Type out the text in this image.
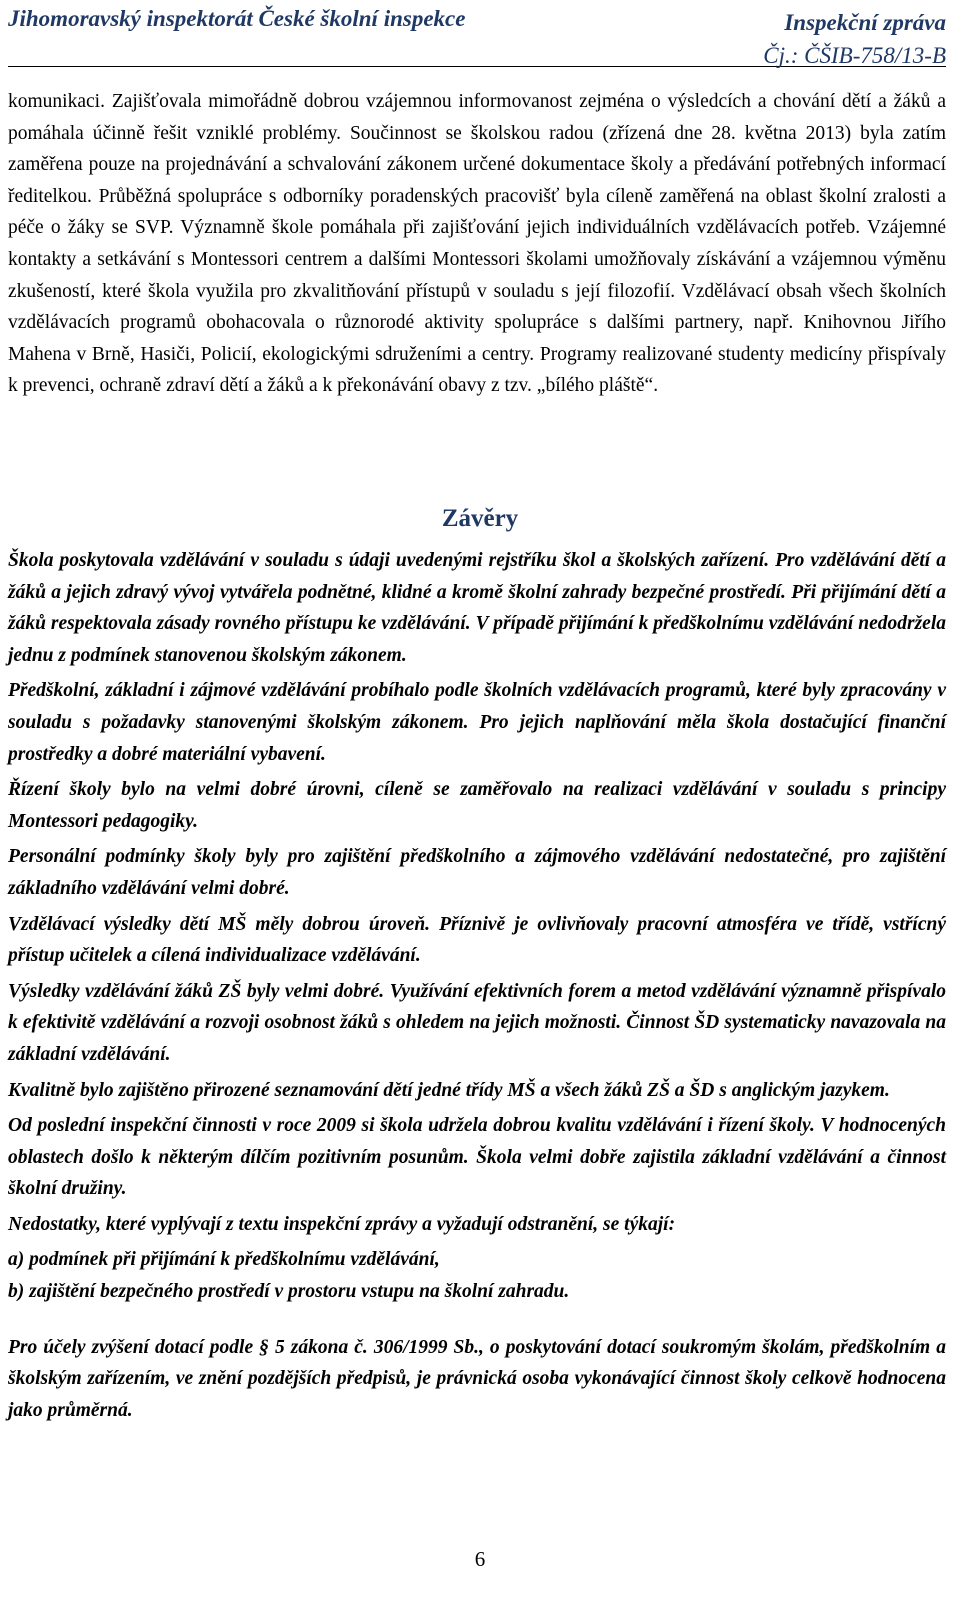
Jihomoravský inspektorát České školní inspekce	Inspekční zpráva
Čj.: ČŠIB-758/13-B

komunikaci. Zajišťovala mimořádně dobrou vzájemnou informovanost zejména o výsledcích a chování dětí a žáků a pomáhala účinně řešit vzniklé problémy. Součinnost se školskou radou (zřízená dne 28. května 2013) byla zatím zaměřena pouze na projednávání a schvalování zákonem určené dokumentace školy a předávání potřebných informací ředitelkou. Průběžná spolupráce s odborníky poradenských pracovišť byla cíleně zaměřená na oblast školní zralosti a péče o žáky se SVP. Významně škole pomáhala při zajišťování jejich individuálních vzdělávacích potřeb. Vzájemné kontakty a setkávání s Montessori centrem a dalšími Montessori školami umožňovaly získávání a vzájemnou výměnu zkušeností, které škola využila pro zkvalitňování přístupů v souladu s její filozofií. Vzdělávací obsah všech školních vzdělávacích programů obohacovala o různorodé aktivity spolupráce s dalšími partnery, např. Knihovnou Jiřího Mahena v Brně, Hasiči, Policií, ekologickými sdruženími a centry. Programy realizované studenty medicíny přispívaly k prevenci, ochraně zdraví dětí a žáků a k překonávání obavy z tzv. „bílého pláště“.

Závěry

Škola poskytovala vzdělávání v souladu s údaji uvedenými rejstříku škol a školských zařízení. Pro vzdělávání dětí a žáků a jejich zdravý vývoj vytvářela podnětné, klidné a kromě školní zahrady bezpečné prostředí. Při přijímání dětí a žáků respektovala zásady rovného přístupu ke vzdělávání. V případě přijímání k předškolnímu vzdělávání nedodržela jednu z podmínek stanovenou školským zákonem.

Předškolní, základní i zájmové vzdělávání probíhalo podle školních vzdělávacích programů, které byly zpracovány v souladu s požadavky stanovenými školským zákonem. Pro jejich naplňování měla škola dostačující finanční prostředky a dobré materiální vybavení.

Řízení školy bylo na velmi dobré úrovni, cíleně se zaměřovalo na realizaci vzdělávání v souladu s principy Montessori pedagogiky.

Personální podmínky školy byly pro zajištění předškolního a zájmového vzdělávání nedostatečné, pro zajištění základního vzdělávání velmi dobré.

Vzdělávací výsledky dětí MŠ měly dobrou úroveň. Příznivě je ovlivňovaly pracovní atmosféra ve třídě, vstřícný přístup učitelek a cílená individualizace vzdělávání.

Výsledky vzdělávání žáků ZŠ byly velmi dobré. Využívání efektivních forem a metod vzdělávání významně přispívalo k efektivitě vzdělávání a rozvoji osobnost žáků s ohledem na jejich možnosti. Činnost ŠD systematicky navazovala na základní vzdělávání.

Kvalitně bylo zajištěno přirozené seznamování dětí jedné třídy MŠ a všech žáků ZŠ a ŠD s anglickým jazykem.

Od poslední inspekční činnosti v roce 2009 si škola udržela dobrou kvalitu vzdělávání i řízení školy. V hodnocených oblastech došlo k některým dílčím pozitivním posunům. Škola velmi dobře zajistila základní vzdělávání a činnost školní družiny.

Nedostatky, které vyplývají z textu inspekční zprávy a vyžadují odstranění, se týkají:

a) podmínek při přijímání k předškolnímu vzdělávání,

b) zajištění bezpečného prostředí v prostoru vstupu na školní zahradu.

Pro účely zvýšení dotací podle § 5 zákona č. 306/1999 Sb., o poskytování dotací soukromým školám, předškolním a školským zařízením, ve znění pozdějších předpisů, je právnická osoba vykonávající činnost školy celkově hodnocena jako průměrná.

6
